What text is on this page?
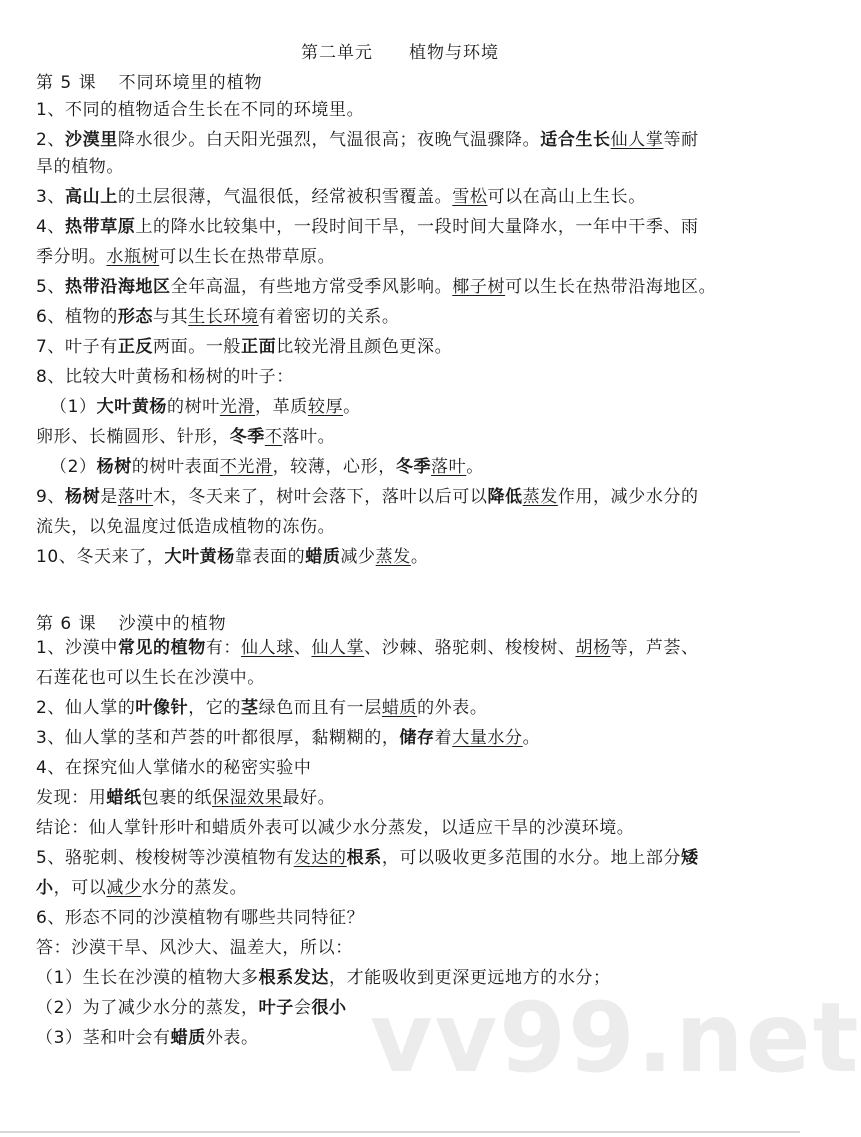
第二单元　　植物与环境
第 5 课 不同环境里的植物
1、不同的植物适合生长在不同的环境里。
2、沙漠里降水很少。白天阳光强烈，气温很高；夜晚气温骤降。适合生长仙人掌等耐
旱的植物。
3、高山上的土层很薄，气温很低，经常被积雪覆盖。雪松可以在高山上生长。
4、热带草原上的降水比较集中，一段时间干旱，一段时间大量降水，一年中干季、雨
季分明。水瓶树可以生长在热带草原。
5、热带沿海地区全年高温，有些地方常受季风影响。椰子树可以生长在热带沿海地区。
6、植物的形态与其生长环境有着密切的关系。
7、叶子有正反两面。一般正面比较光滑且颜色更深。
8、比较大叶黄杨和杨树的叶子：
（1）大叶黄杨的树叶光滑，革质较厚。
卵形、长椭圆形、针形，冬季不落叶。
（2）杨树的树叶表面不光滑，较薄，心形，冬季落叶。
9、杨树是落叶木，冬天来了，树叶会落下，落叶以后可以降低蒸发作用，减少水分的
流失，以免温度过低造成植物的冻伤。
10、冬天来了，大叶黄杨靠表面的蜡质减少蒸发。
第 6 课 沙漠中的植物
1、沙漠中常见的植物有：仙人球、仙人掌、沙棘、骆驼刺、梭梭树、胡杨等，芦荟、
石莲花也可以生长在沙漠中。
2、仙人掌的叶像针，它的茎绿色而且有一层蜡质的外表。
3、仙人掌的茎和芦荟的叶都很厚，黏糊糊的，储存着大量水分。
4、在探究仙人掌储水的秘密实验中
发现：用蜡纸包裹的纸保湿效果最好。
结论：仙人掌针形叶和蜡质外表可以减少水分蒸发，以适应干旱的沙漠环境。
5、骆驼刺、梭梭树等沙漠植物有发达的根系，可以吸收更多范围的水分。地上部分矮
小，可以减少水分的蒸发。
6、形态不同的沙漠植物有哪些共同特征？
答：沙漠干旱、风沙大、温差大，所以：
（1）生长在沙漠的植物大多根系发达，才能吸收到更深更远地方的水分；
（2）为了减少水分的蒸发，叶子会很小
（3）茎和叶会有蜡质外表。	vv99.net
